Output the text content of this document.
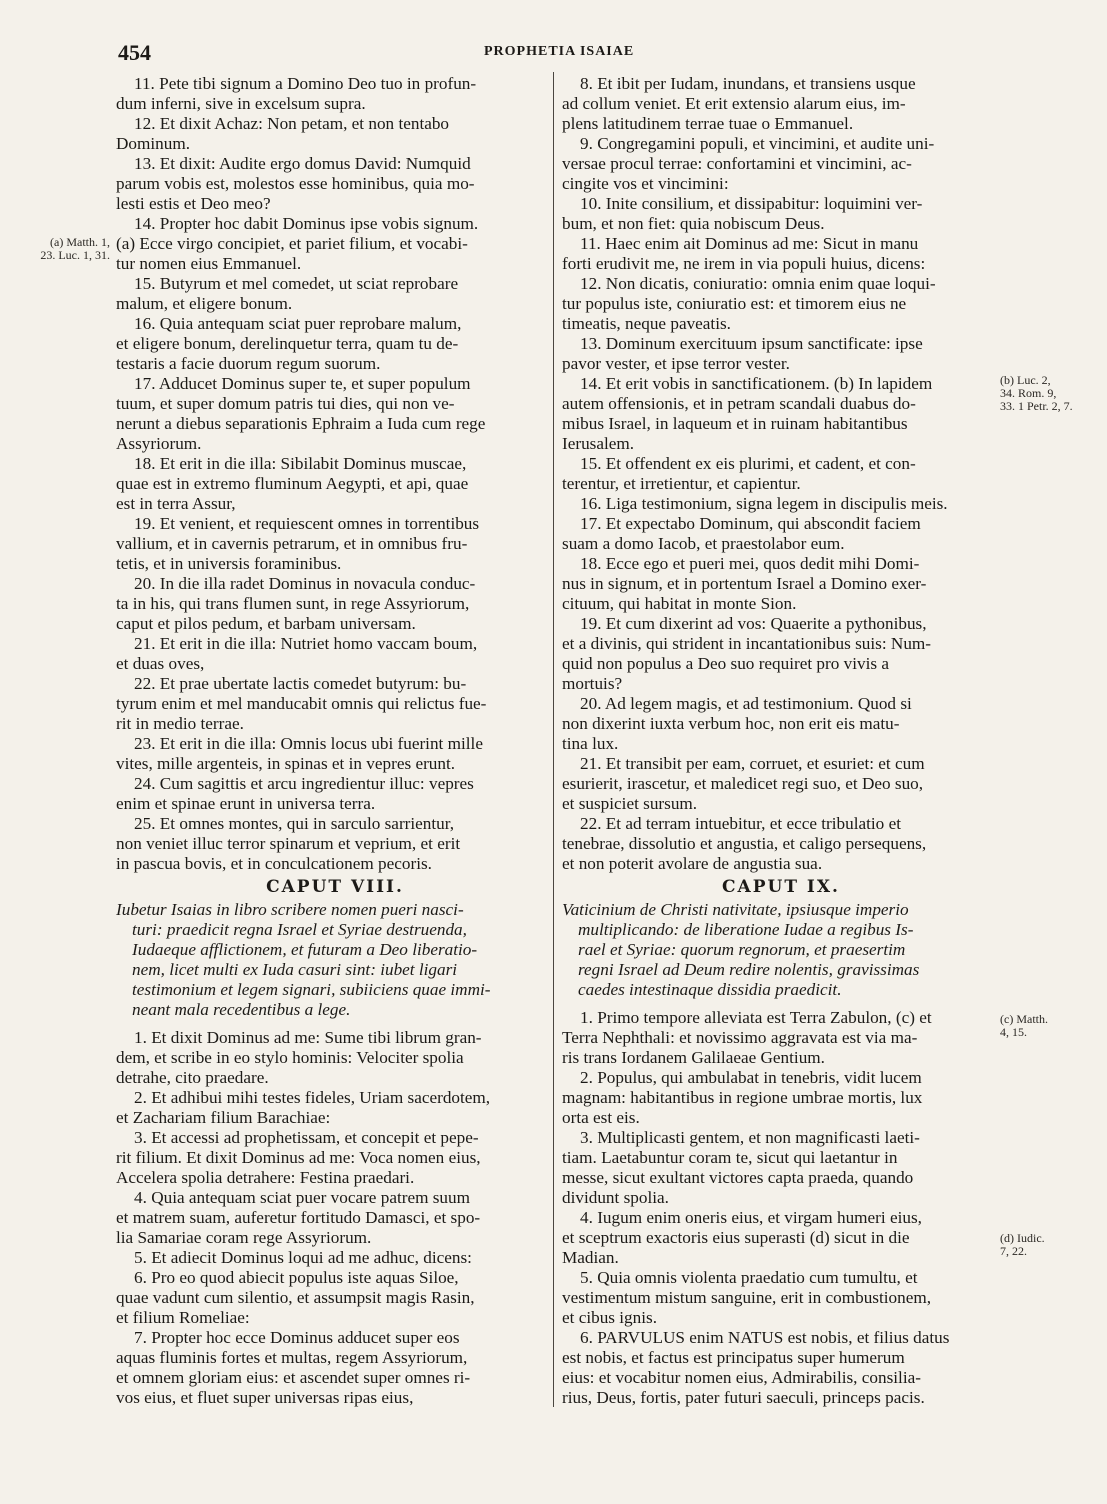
454	PROPHETIA ISAIAE

11. Pete tibi signum a Domino Deo tuo in profun-
dum inferni, sive in excelsum supra.

12. Et dixit Achaz: Non petam, et non tentabo
Dominum.

13. Et dixit: Audite ergo domus David: Numquid
parum vobis est, molestos esse hominibus, quia mo-
lesti estis et Deo meo?

14. Propter hoc dabit Dominus ipse vobis signum.
(a) Ecce virgo concipiet, et pariet filium, et vocabi-
tur nomen eius Emmanuel.

15. Butyrum et mel comedet, ut sciat reprobare
malum, et eligere bonum.

16. Quia antequam sciat puer reprobare malum,
et eligere bonum, derelinquetur terra, quam tu de-
testaris a facie duorum regum suorum.

17. Adducet Dominus super te, et super populum
tuum, et super domum patris tui dies, qui non ve-
nerunt a diebus separationis Ephraim a Iuda cum rege
Assyriorum.

18. Et erit in die illa: Sibilabit Dominus muscae,
quae est in extremo fluminum Aegypti, et api, quae
est in terra Assur,

19. Et venient, et requiescent omnes in torrentibus
vallium, et in cavernis petrarum, et in omnibus fru-
tetis, et in universis foraminibus.

20. In die illa radet Dominus in novacula conduc-
ta in his, qui trans flumen sunt, in rege Assyriorum,
caput et pilos pedum, et barbam universam.

21. Et erit in die illa: Nutriet homo vaccam boum,
et duas oves,

22. Et prae ubertate lactis comedet butyrum: bu-
tyrum enim et mel manducabit omnis qui relictus fue-
rit in medio terrae.

23. Et erit in die illa: Omnis locus ubi fuerint mille
vites, mille argenteis, in spinas et in vepres erunt.

24. Cum sagittis et arcu ingredientur illuc: vepres
enim et spinae erunt in universa terra.

25. Et omnes montes, qui in sarculo sarrientur,
non veniet illuc terror spinarum et veprium, et erit
in pascua bovis, et in conculcationem pecoris.

CAPUT VIII.

Iubetur Isaias in libro scribere nomen pueri nasci-
turi: praedicit regna Israel et Syriae destruenda,
Iudaeque afflictionem, et futuram a Deo liberatio-
nem, licet multi ex Iuda casuri sint: iubet ligari
testimonium et legem signari, subiiciens quae immi-
neant mala recedentibus a lege.

1. Et dixit Dominus ad me: Sume tibi librum gran-
dem, et scribe in eo stylo hominis: Velociter spolia
detrahe, cito praedare.

2. Et adhibui mihi testes fideles, Uriam sacerdotem,
et Zachariam filium Barachiae:

3. Et accessi ad prophetissam, et concepit et pepe-
rit filium. Et dixit Dominus ad me: Voca nomen eius,
Accelera spolia detrahere: Festina praedari.

4. Quia antequam sciat puer vocare patrem suum
et matrem suam, auferetur fortitudo Damasci, et spo-
lia Samariae coram rege Assyriorum.

5. Et adiecit Dominus loqui ad me adhuc, dicens:

6. Pro eo quod abiecit populus iste aquas Siloe,
quae vadunt cum silentio, et assumpsit magis Rasin,
et filium Romeliae:

7. Propter hoc ecce Dominus adducet super eos
aquas fluminis fortes et multas, regem Assyriorum,
et omnem gloriam eius: et ascendet super omnes ri-
vos eius, et fluet super universas ripas eius,

8. Et ibit per Iudam, inundans, et transiens usque
ad collum veniet. Et erit extensio alarum eius, im-
plens latitudinem terrae tuae o Emmanuel.

9. Congregamini populi, et vincimini, et audite uni-
versae procul terrae: confortamini et vincimini, ac-
cingite vos et vincimini:

10. Inite consilium, et dissipabitur: loquimini ver-
bum, et non fiet: quia nobiscum Deus.

11. Haec enim ait Dominus ad me: Sicut in manu
forti erudivit me, ne irem in via populi huius, dicens:

12. Non dicatis, coniuratio: omnia enim quae loqui-
tur populus iste, coniuratio est: et timorem eius ne
timeatis, neque paveatis.

13. Dominum exercituum ipsum sanctificate: ipse
pavor vester, et ipse terror vester.

14. Et erit vobis in sanctificationem. (b) In lapidem
autem offensionis, et in petram scandali duabus do-
mibus Israel, in laqueum et in ruinam habitantibus
Ierusalem.

15. Et offendent ex eis plurimi, et cadent, et con-
terentur, et irretientur, et capientur.

16. Liga testimonium, signa legem in discipulis meis.

17. Et expectabo Dominum, qui abscondit faciem
suam a domo Iacob, et praestolabor eum.

18. Ecce ego et pueri mei, quos dedit mihi Domi-
nus in signum, et in portentum Israel a Domino exer-
cituum, qui habitat in monte Sion.

19. Et cum dixerint ad vos: Quaerite a pythonibus,
et a divinis, qui strident in incantationibus suis: Num-
quid non populus a Deo suo requiret pro vivis a
mortuis?

20. Ad legem magis, et ad testimonium. Quod si
non dixerint iuxta verbum hoc, non erit eis matu-
tina lux.

21. Et transibit per eam, corruet, et esuriet: et cum
esurierit, irascetur, et maledicet regi suo, et Deo suo,
et suspiciet sursum.

22. Et ad terram intuebitur, et ecce tribulatio et
tenebrae, dissolutio et angustia, et caligo persequens,
et non poterit avolare de angustia sua.

CAPUT IX.

Vaticinium de Christi nativitate, ipsiusque imperio
multiplicando: de liberatione Iudae a regibus Is-
rael et Syriae: quorum regnorum, et praesertim
regni Israel ad Deum redire nolentis, gravissimas
caedes intestinaque dissidia praedicit.

1. Primo tempore alleviata est Terra Zabulon, (c) et
Terra Nephthali: et novissimo aggravata est via ma-
ris trans Iordanem Galilaeae Gentium.

2. Populus, qui ambulabat in tenebris, vidit lucem
magnam: habitantibus in regione umbrae mortis, lux
orta est eis.

3. Multiplicasti gentem, et non magnificasti laeti-
tiam. Laetabuntur coram te, sicut qui laetantur in
messe, sicut exultant victores capta praeda, quando
dividunt spolia.

4. Iugum enim oneris eius, et virgam humeri eius,
et sceptrum exactoris eius superasti (d) sicut in die
Madian.

5. Quia omnis violenta praedatio cum tumultu, et
vestimentum mistum sanguine, erit in combustionem,
et cibus ignis.

6. PARVULUS enim NATUS est nobis, et filius datus
est nobis, et factus est principatus super humerum
eius: et vocabitur nomen eius, Admirabilis, consilia-
rius, Deus, fortis, pater futuri saeculi, princeps pacis.

(a) Matth. 1,
23. Luc. 1, 31.
(b) Luc. 2,
34. Rom. 9,
33. 1 Petr. 2, 7.
(c) Matth.
4, 15.
(d) Iudic.
7, 22.
